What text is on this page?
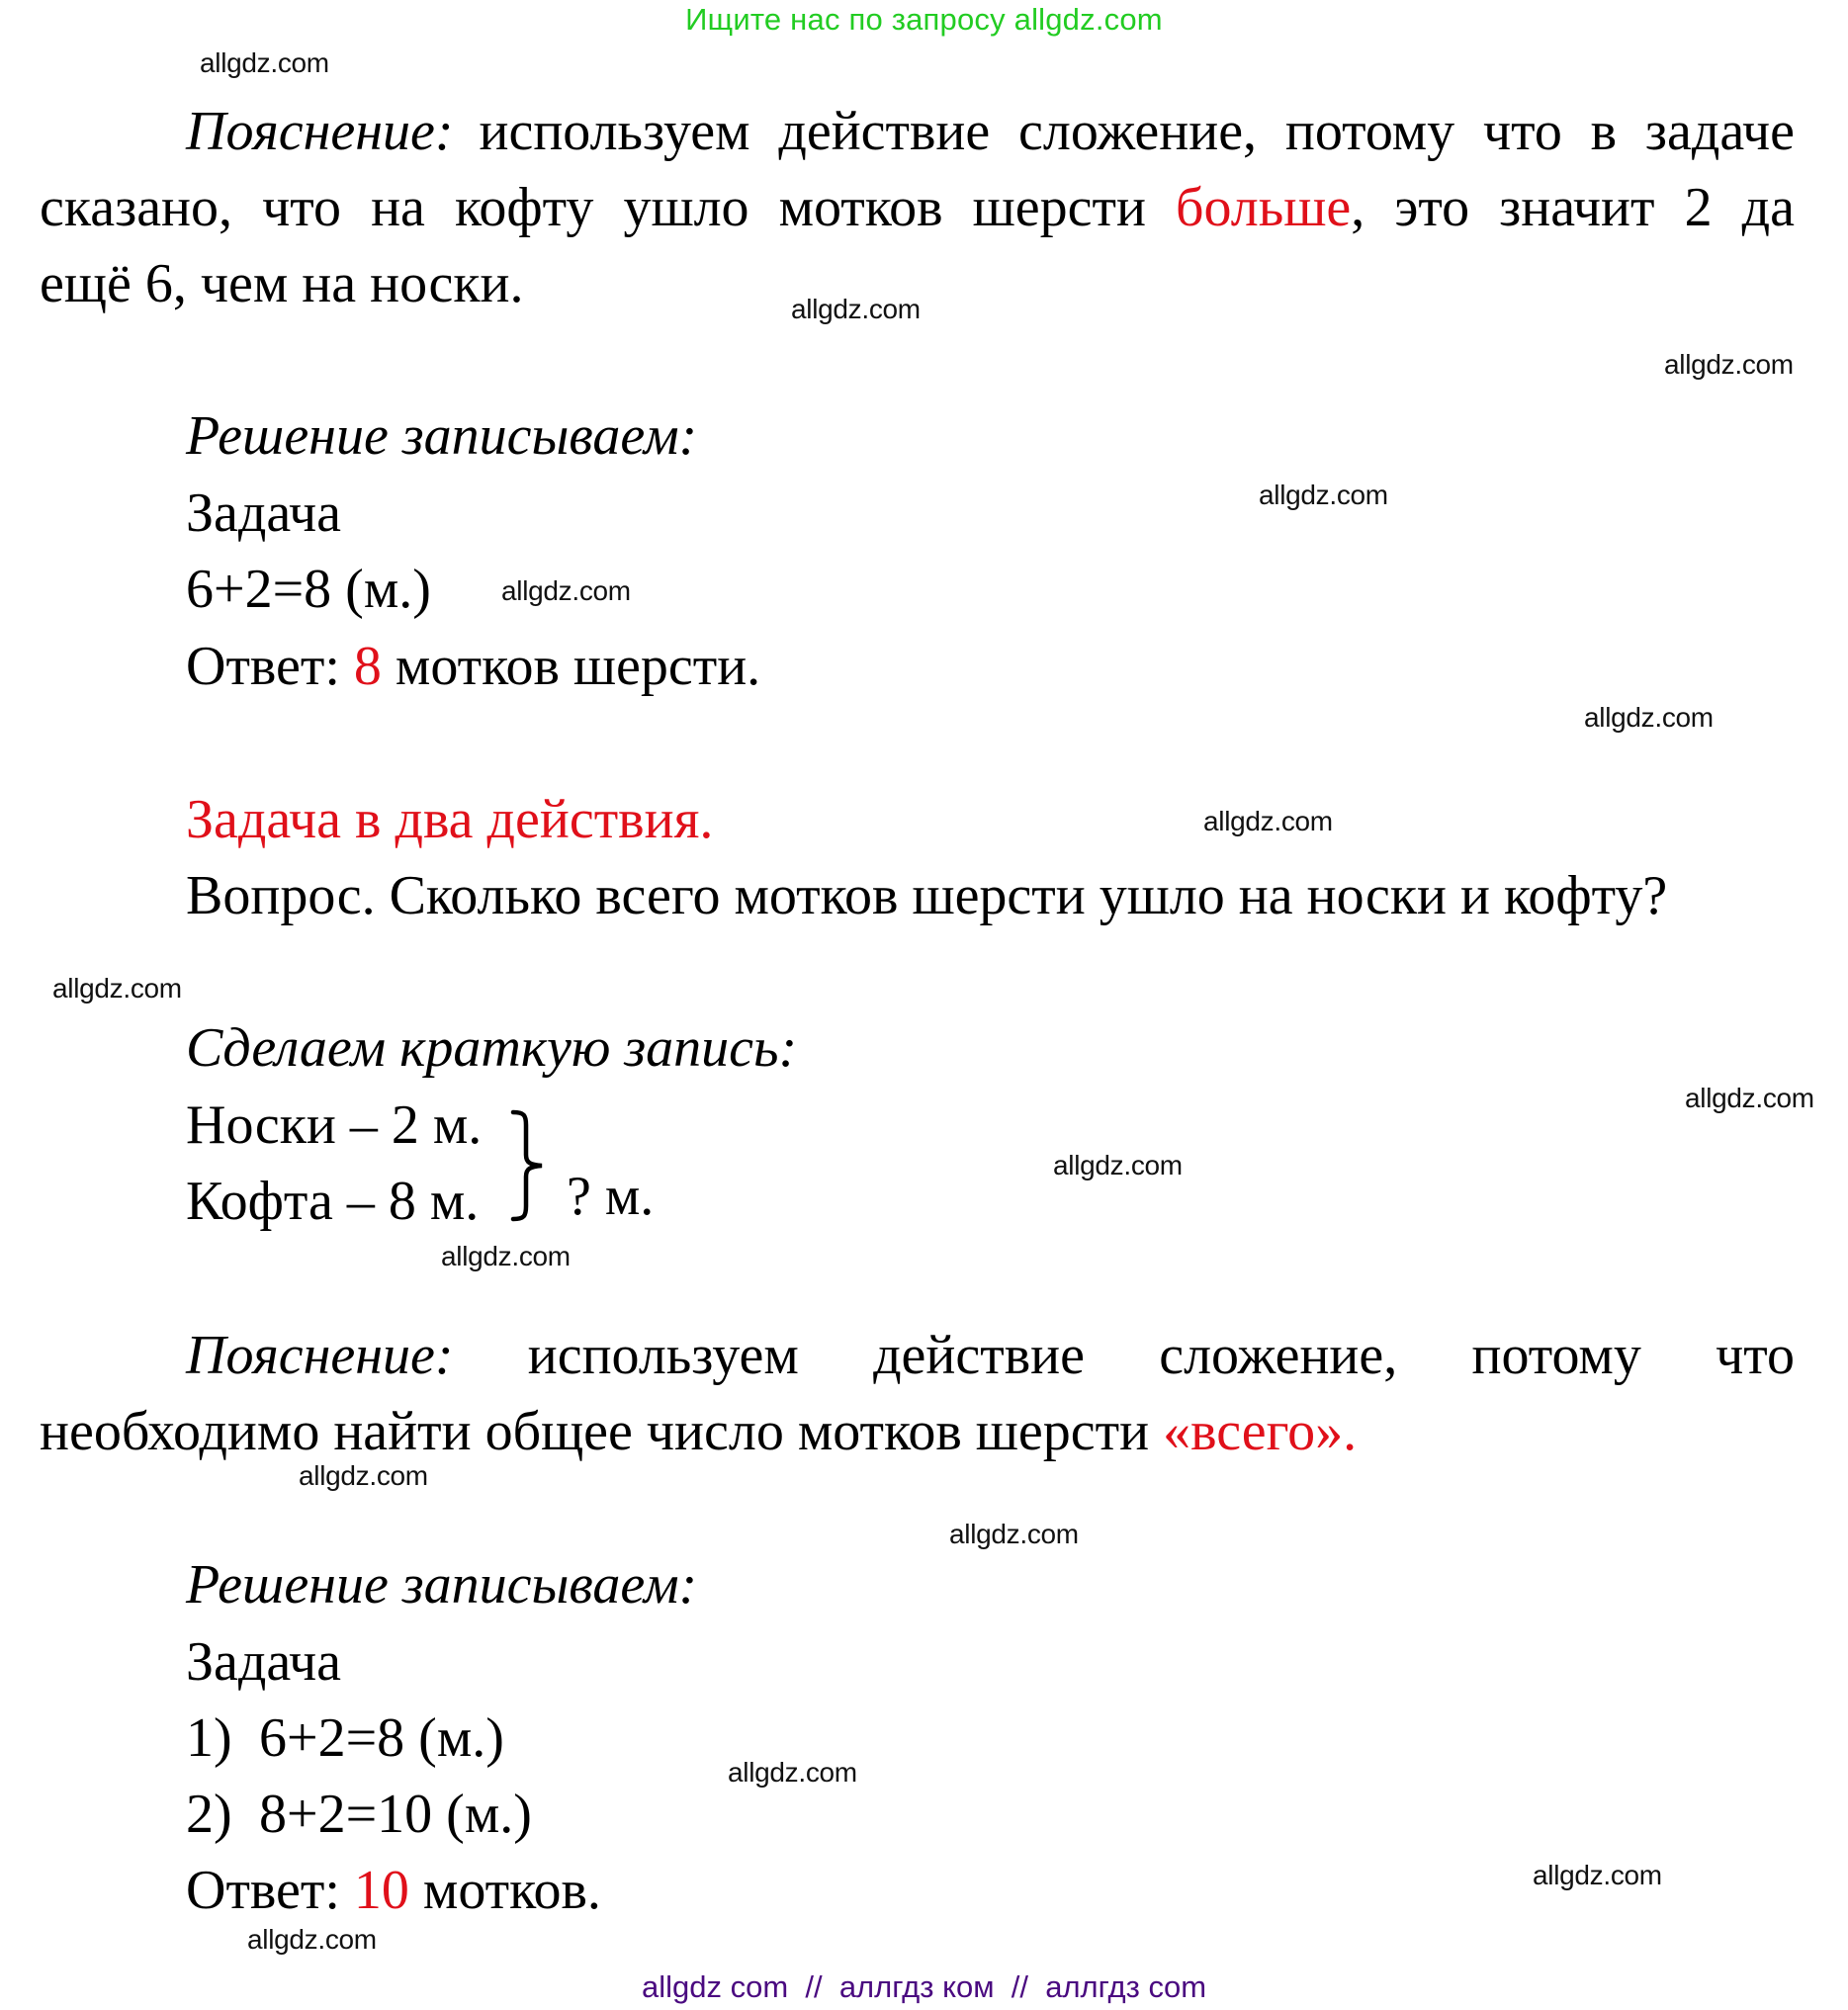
Ищите нас по запросу allgdz.com
Пояснение: используем действие сложение, потому что в задаче
сказано, что на кофту ушло мотков шерсти больше, это значит 2 да
ещё 6, чем на носки.
Решение записываем:
Задача
6+2=8 (м.)
Ответ: 8 мотков шерсти.
Задача в два действия.
Вопрос. Сколько всего мотков шерсти ушло на носки и кофту?
Сделаем краткую запись:
Носки – 2 м.
Кофта – 8 м. ? м.
Пояснение: используем действие сложение, потому что
необходимо найти общее число мотков шерсти «всего».
Решение записываем:
Задача
1) 6+2=8 (м.)
2) 8+2=10 (м.)
Ответ: 10 мотков.
allgdz.com
allgdz.com
allgdz.com
allgdz.com
allgdz.com
allgdz.com
allgdz.com
allgdz.com
allgdz.com
allgdz.com
allgdz.com
allgdz.com
allgdz.com
allgdz.com
allgdz.com
allgdz.com
allgdz com  //  аллгдз ком  //  аллгдз com
